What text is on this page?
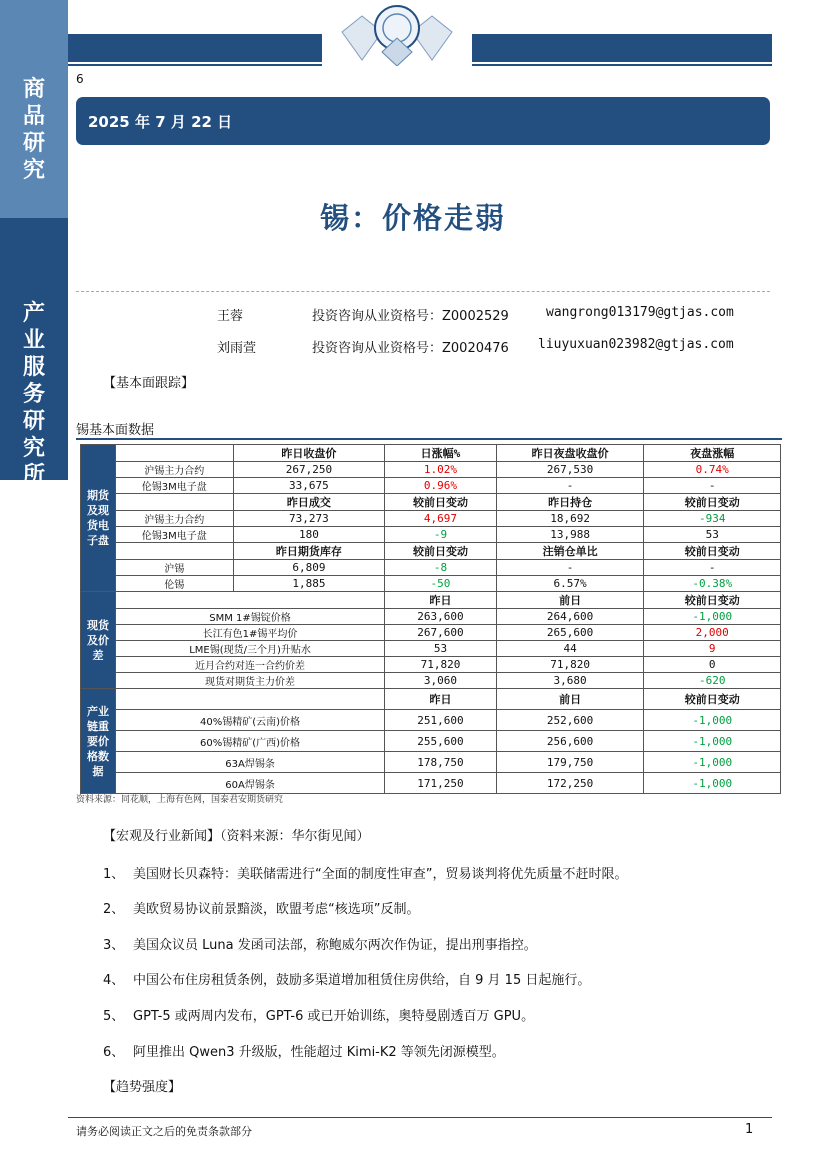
商
品
研
究
产
业
服
务
研
究
所
6
2025 年 7 月 22 日
锡：价格走弱
王蓉	投资咨询从业资格号：Z0002529	wangrong013179@gtjas.com
刘雨萱	投资咨询从业资格号：Z0020476 liuyuxuan023982@gtjas.com
【基本面跟踪】
锡基本面数据
期货
及现
货电
子盘		昨日收盘价	日涨幅%	昨日夜盘收盘价	夜盘涨幅
	沪锡主力合约	267,250	1.02%	267,530	0.74%
	伦锡3M电子盘	33,675	0.96%	-	-
		昨日成交	较前日变动	昨日持仓	较前日变动
	沪锡主力合约	73,273	4,697	18,692	-934
	伦锡3M电子盘	180	-9	13,988	53
		昨日期货库存	较前日变动	注销仓单比	较前日变动
	沪锡	6,809	-8	-	-
	伦锡	1,885	-50	6.57%	-0.38%

现货
及价
差			昨日	前日	较前日变动
	SMM 1#锡锭价格		263,600	264,600	-1,000
	长江有色1#锡平均价		267,600	265,600	2,000
	LME锡(现货/三个月)升贴水		53	44	9
	近月合约对连一合约价差		71,820	71,820	0
	现货对期货主力价差		3,060	3,680	-620

产业
链重
要价
格数
据			昨日	前日	较前日变动
	40%锡精矿(云南)价格		251,600	252,600	-1,000
	60%锡精矿(广西)价格		255,600	256,600	-1,000
	63A焊锡条		178,750	179,750	-1,000
	60A焊锡条		171,250	172,250	-1,000
资料来源：同花顺，上海有色网，国泰君安期货研究
【宏观及行业新闻】（资料来源：华尔街见闻）
1、 美国财长贝森特：美联储需进行“全面的制度性审查”，贸易谈判将优先质量不赶时限。
2、 美欧贸易协议前景黯淡，欧盟考虑“核选项”反制。
3、 美国众议员 Luna 发函司法部，称鲍威尔两次作伪证，提出刑事指控。
4、 中国公布住房租赁条例，鼓励多渠道增加租赁住房供给，自 9 月 15 日起施行。
5、 GPT-5 或两周内发布，GPT-6 或已开始训练，奥特曼剧透百万 GPU。
6、 阿里推出 Qwen3 升级版，性能超过 Kimi-K2 等领先闭源模型。
【趋势强度】
请务必阅读正文之后的免责条款部分	1
